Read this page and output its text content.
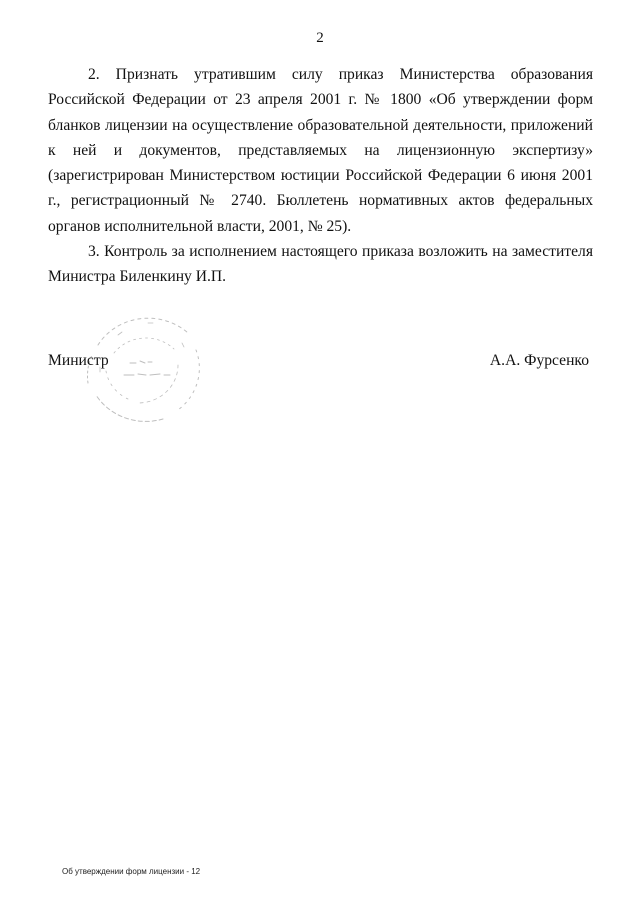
2

2. Признать утратившим силу приказ Министерства образования Российской Федерации от 23 апреля 2001 г. № 1800 «Об утверждении форм бланков лицензии на осуществление образовательной деятельности, приложений к ней и документов, представляемых на лицензионную экспертизу» (зарегистрирован Министерством юстиции Российской Федерации 6 июня 2001 г., регистрационный № 2740. Бюллетень нормативных актов федеральных органов исполнительной власти, 2001, № 25).

3. Контроль за исполнением настоящего приказа возложить на заместителя Министра Биленкину И.П.

Министр	А.А. Фурсенко
Об утверждении форм лицензии - 12
